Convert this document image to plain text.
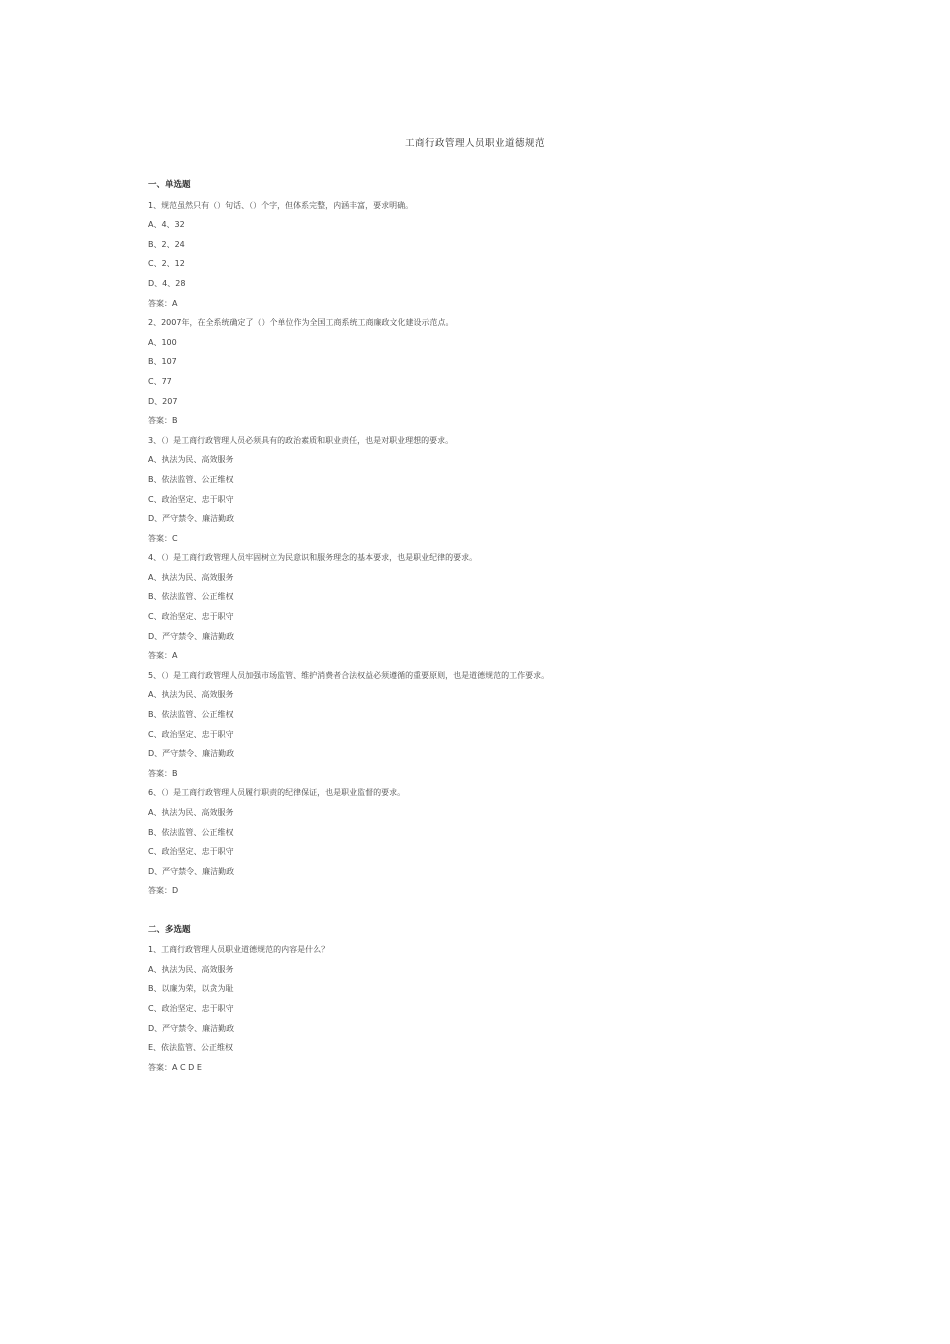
工商行政管理人员职业道德规范
一、单选题
1、规范虽然只有（）句话、（）个字，但体系完整，内涵丰富，要求明确。
A、4、32
B、2、24
C、2、12
D、4、28
答案：A
2、2007年，在全系统确定了（）个单位作为全国工商系统工商廉政文化建设示范点。
A、100
B、107
C、77
D、207
答案：B
3、（）是工商行政管理人员必须具有的政治素质和职业责任，也是对职业理想的要求。
A、执法为民、高效服务
B、依法监管、公正维权
C、政治坚定、忠于职守
D、严守禁令、廉洁勤政
答案：C
4、（）是工商行政管理人员牢固树立为民意识和服务理念的基本要求，也是职业纪律的要求。
A、执法为民、高效服务
B、依法监管、公正维权
C、政治坚定、忠于职守
D、严守禁令、廉洁勤政
答案：A
5、（）是工商行政管理人员加强市场监管、维护消费者合法权益必须遵循的重要原则，也是道德规范的工作要求。
A、执法为民、高效服务
B、依法监管、公正维权
C、政治坚定、忠于职守
D、严守禁令、廉洁勤政
答案：B
6、（）是工商行政管理人员履行职责的纪律保证，也是职业监督的要求。
A、执法为民、高效服务
B、依法监管、公正维权
C、政治坚定、忠于职守
D、严守禁令、廉洁勤政
答案：D
二、多选题
1、工商行政管理人员职业道德规范的内容是什么？
A、执法为民、高效服务
B、以廉为荣，以贪为耻
C、政治坚定、忠于职守
D、严守禁令、廉洁勤政
E、依法监管、公正维权
答案：A C D E
